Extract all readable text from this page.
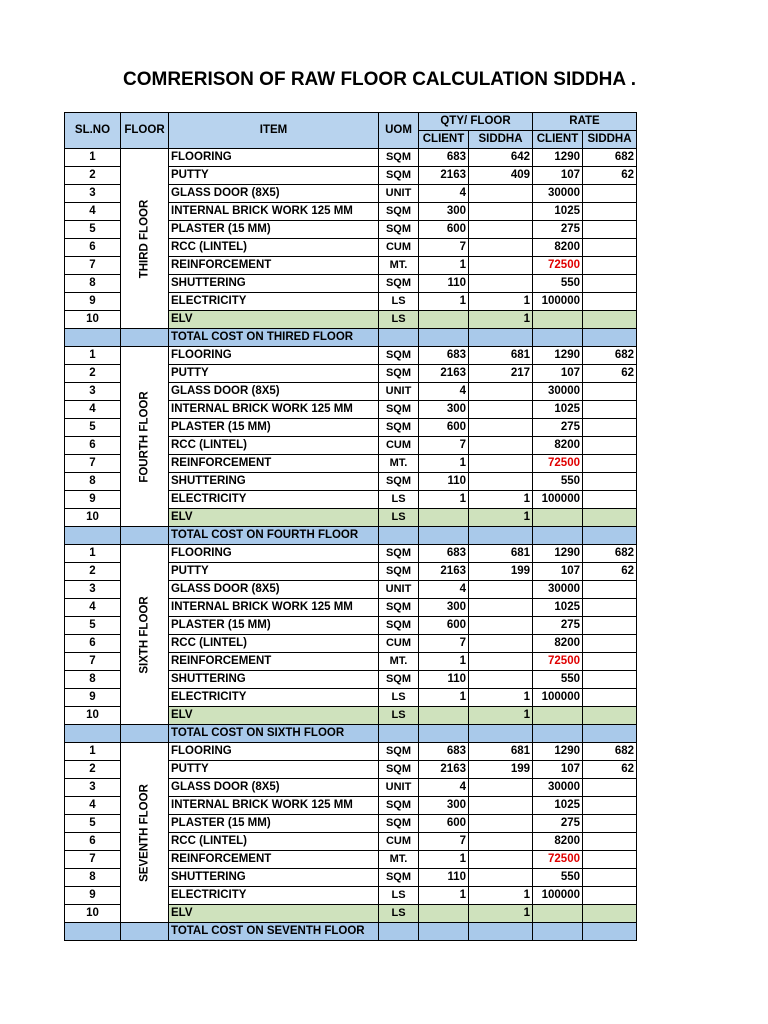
COMRERISON OF RAW FLOOR CALCULATION SIDDHA .
SL.NO	FLOOR	ITEM	UOM	QTY/ FLOOR		RATE	
				CLIENT	SIDDHA	CLIENT	SIDDHA
1	THIRD FLOOR	FLOORING	SQM	683	642	1290	682
2		PUTTY	SQM	2163	409	107	62
3		GLASS DOOR (8X5)	UNIT	4		30000	
4		INTERNAL BRICK WORK 125 MM	SQM	300		1025	
5		PLASTER (15 MM)	SQM	600		275	
6		RCC (LINTEL)	CUM	7		8200	
7		REINFORCEMENT	MT.	1		72500	
8		SHUTTERING	SQM	110		550	
9		ELECTRICITY	LS	1	1	100000	
10		ELV	LS		1		
		TOTAL COST ON THIRED FLOOR					
1	FOURTH FLOOR	FLOORING	SQM	683	681	1290	682
2		PUTTY	SQM	2163	217	107	62
3		GLASS DOOR (8X5)	UNIT	4		30000	
4		INTERNAL BRICK WORK 125 MM	SQM	300		1025	
5		PLASTER (15 MM)	SQM	600		275	
6		RCC (LINTEL)	CUM	7		8200	
7		REINFORCEMENT	MT.	1		72500	
8		SHUTTERING	SQM	110		550	
9		ELECTRICITY	LS	1	1	100000	
10		ELV	LS		1		
		TOTAL COST ON FOURTH FLOOR					
1	SIXTH FLOOR	FLOORING	SQM	683	681	1290	682
2		PUTTY	SQM	2163	199	107	62
3		GLASS DOOR (8X5)	UNIT	4		30000	
4		INTERNAL BRICK WORK 125 MM	SQM	300		1025	
5		PLASTER (15 MM)	SQM	600		275	
6		RCC (LINTEL)	CUM	7		8200	
7		REINFORCEMENT	MT.	1		72500	
8		SHUTTERING	SQM	110		550	
9		ELECTRICITY	LS	1	1	100000	
10		ELV	LS		1		
		TOTAL COST ON SIXTH FLOOR					
1	SEVENTH FLOOR	FLOORING	SQM	683	681	1290	682
2		PUTTY	SQM	2163	199	107	62
3		GLASS DOOR (8X5)	UNIT	4		30000	
4		INTERNAL BRICK WORK 125 MM	SQM	300		1025	
5		PLASTER (15 MM)	SQM	600		275	
6		RCC (LINTEL)	CUM	7		8200	
7		REINFORCEMENT	MT.	1		72500	
8		SHUTTERING	SQM	110		550	
9		ELECTRICITY	LS	1	1	100000	
10		ELV	LS		1		
		TOTAL COST ON SEVENTH FLOOR					
